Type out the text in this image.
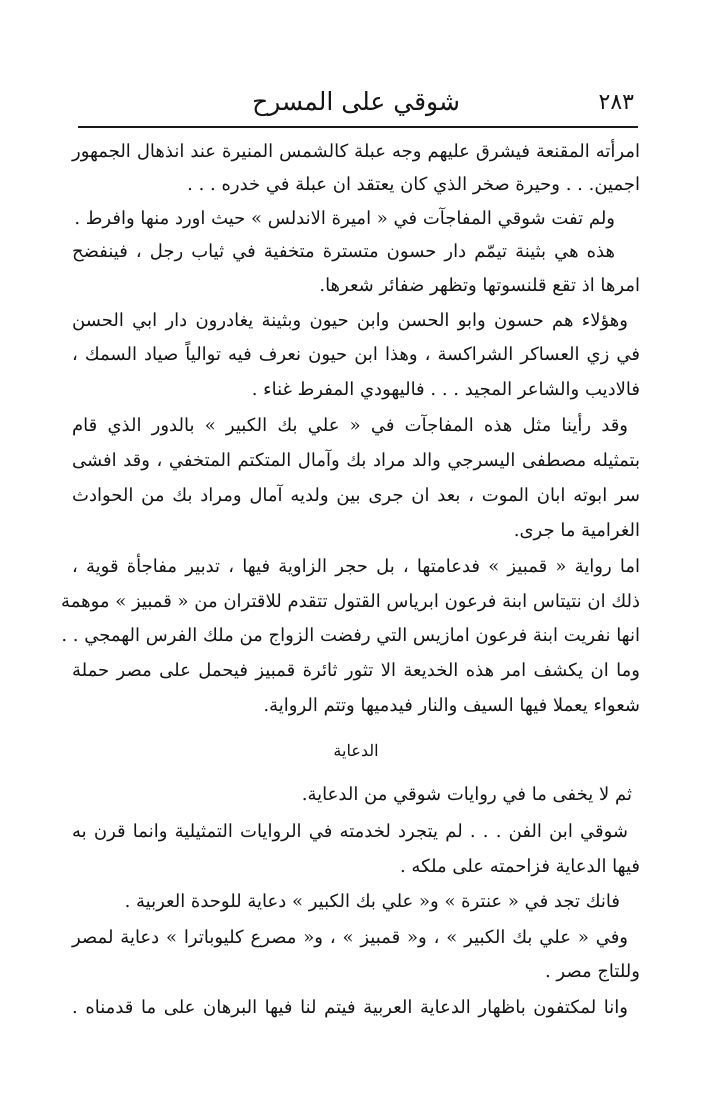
شوقي على المسرح	٢٨٣
امرأته المقنعة فيشرق عليهم وجه عبلة كالشمس المنيرة عند انذهال الجمهور
اجمين. . . وحيرة صخر الذي كان يعتقد ان عبلة في خدره . . .
ولم تفت شوقي المفاجآت في « اميرة الاندلس » حيث اورد منها وافرط .
هذه هي بثينة تيمّم دار حسون متسترة متخفية في ثياب رجل ، فينفضح
امرها اذ تقع قلنسوتها وتظهر ضفائر شعرها.
وهؤلاء هم حسون وابو الحسن وابن حيون وبثينة يغادرون دار ابي الحسن
في زي العساكر الشراكسة ، وهذا ابن حيون نعرف فيه توالياً صياد السمك ،
فالاديب والشاعر المجيد . . . فاليهودي المفرط غناء .
وقد رأينا مثل هذه المفاجآت في « علي بك الكبير » بالدور الذي قام
بتمثيله مصطفى اليسرجي والد مراد بك وآمال المتكتم المتخفي ، وقد افشى
سر ابوته ابان الموت ، بعد ان جرى بين ولديه آمال ومراد بك من الحوادث
الغرامية ما جرى.
اما رواية « قمبيز » فدعامتها ، بل حجر الزاوية فيها ، تدبير مفاجأة قوية ،
ذلك ان نتيتاس ابنة فرعون ابرياس القتول تتقدم للاقتران من « قمبيز » موهمة
انها نفريت ابنة فرعون امازيس التي رفضت الزواج من ملك الفرس الهمجي . .
وما ان يكشف امر هذه الخديعة الا تثور ثائرة قمبيز فيحمل على مصر حملة
شعواء يعملا فيها السيف والنار فيدميها وتتم الرواية.
الدعاية
ثم لا يخفى ما في روايات شوقي من الدعاية.
شوقي ابن الفن . . . لم يتجرد لخدمته في الروايات التمثيلية وانما قرن به
فيها الدعاية فزاحمته على ملكه .
فانك تجد في « عنترة » و« علي بك الكبير » دعاية للوحدة العربية .
وفي « علي بك الكبير » ، و« قمبيز » ، و« مصرع كليوباترا » دعاية لمصر
وللتاج مصر .
وانا لمكتفون باظهار الدعاية العربية فيتم لنا فيها البرهان على ما قدمناه .
